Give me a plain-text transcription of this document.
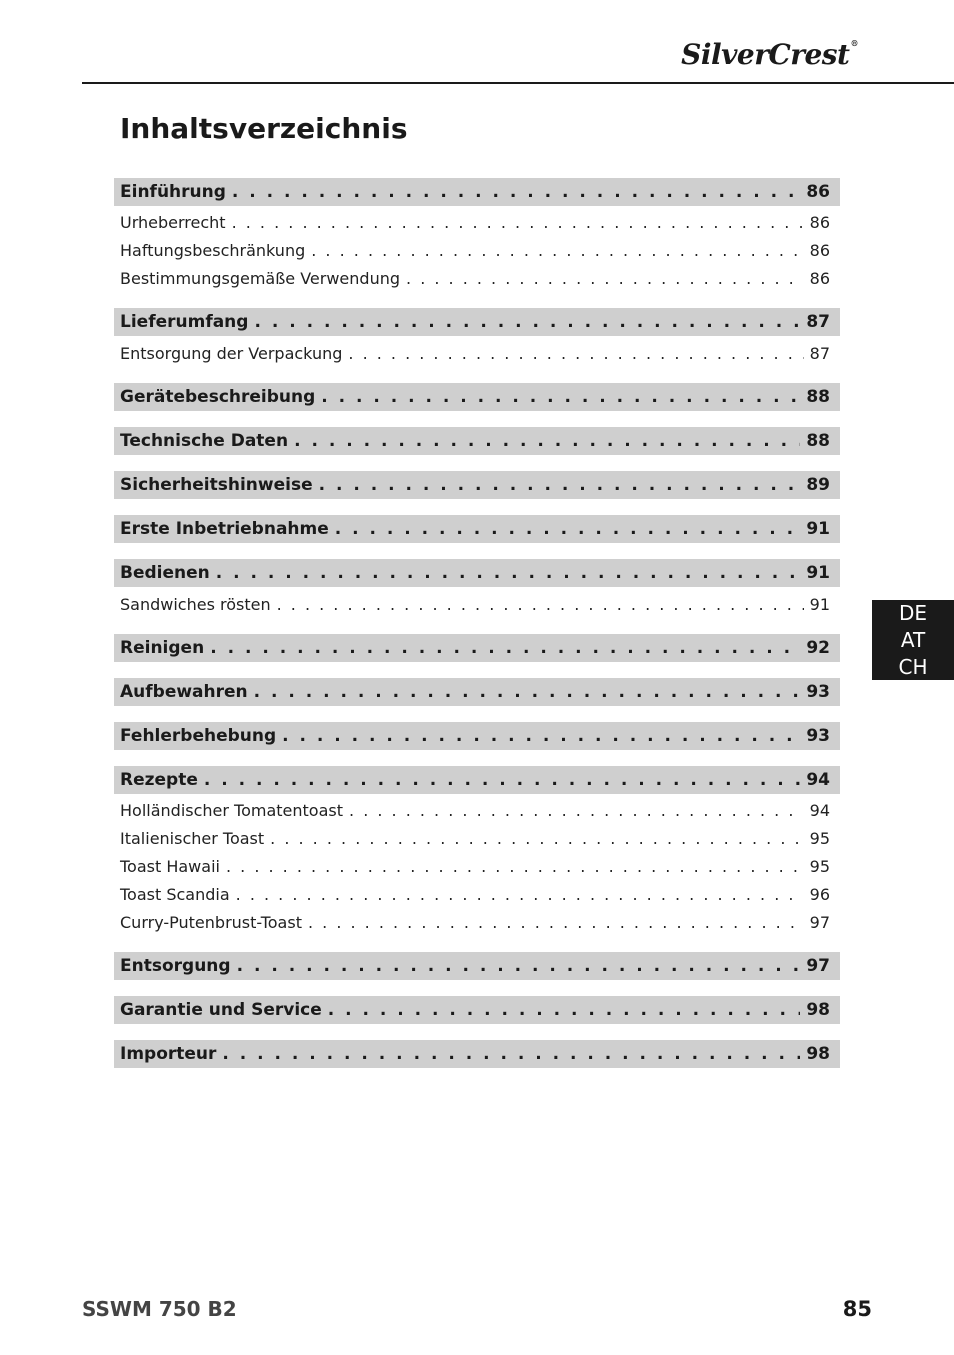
SilverCrest®
Inhaltsverzeichnis
Einführung . . .	86
Urheberrecht . . .	86
Haftungsbeschränkung . . .	86
Bestimmungsgemäße Verwendung . . .	86
Lieferumfang . . .	87
Entsorgung der Verpackung . . .	87
Gerätebeschreibung . . .	88
Technische Daten . . .	88
Sicherheitshinweise . . .	89
Erste Inbetriebnahme . . .	91
Bedienen . . .	91
Sandwiches rösten . . .	91
Reinigen . . .	92
Aufbewahren . . .	93
Fehlerbehebung . . .	93
Rezepte . . .	94
Holländischer Tomatentoast . . .	94
Italienischer Toast . . .	95
Toast Hawaii . . .	95
Toast Scandia . . .	96
Curry-Putenbrust-Toast . . .	97
Entsorgung . . .	97
Garantie und Service . . .	98
Importeur . . .	98
DE
AT
CH
SSWM 750 B2	85
